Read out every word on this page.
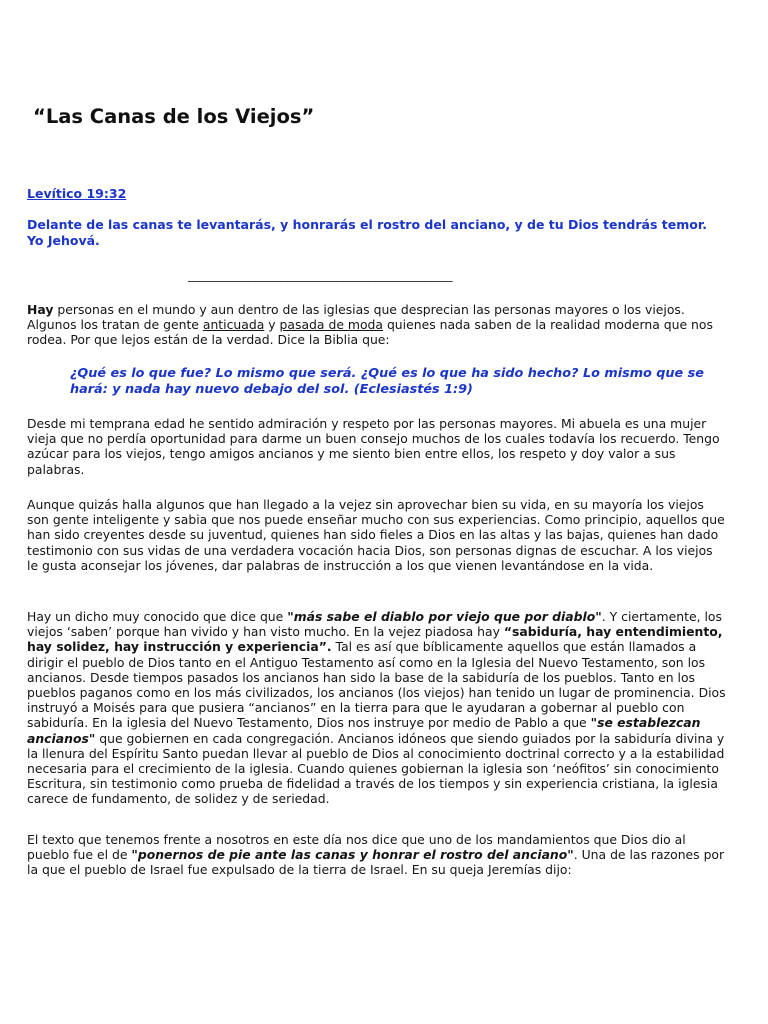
“Las Canas de los Viejos”
Levítico 19:32
Delante de las canas te levantarás, y honrarás el rostro del anciano, y de tu Dios tendrás temor. Yo Jehová.
________________________________________________

Hay personas en el mundo y aun dentro de las iglesias que desprecian las personas mayores o los viejos. Algunos los tratan de gente anticuada y pasada de moda quienes nada saben de la realidad moderna que nos rodea. Por que lejos están de la verdad. Dice la Biblia que:

¿Qué es lo que fue? Lo mismo que será. ¿Qué es lo que ha sido hecho? Lo mismo que se hará: y nada hay nuevo debajo del sol. (Eclesiastés 1:9)

Desde mi temprana edad he sentido admiración y respeto por las personas mayores. Mi abuela es una mujer vieja que no perdía oportunidad para darme un buen consejo muchos de los cuales todavía los recuerdo. Tengo azúcar para los viejos, tengo amigos ancianos y me siento bien entre ellos, los respeto y doy valor a sus palabras.

Aunque quizás halla algunos que han llegado a la vejez sin aprovechar bien su vida, en su mayoría los viejos son gente inteligente y sabia que nos puede enseñar mucho con sus experiencias. Como principio, aquellos que han sido creyentes desde su juventud, quienes han sido fieles a Dios en las altas y las bajas, quienes han dado testimonio con sus vidas de una verdadera vocación hacia Dios, son personas dignas de escuchar. A los viejos le gusta aconsejar los jóvenes, dar palabras de instrucción a los que vienen levantándose en la vida.

Hay un dicho muy conocido que dice que "más sabe el diablo por viejo que por diablo". Y ciertamente, los viejos ‘saben’ porque han vivido y han visto mucho. En la vejez piadosa hay “sabiduría, hay entendimiento, hay solidez, hay instrucción y experiencia”. Tal es así que bíblicamente aquellos que están llamados a dirigir el pueblo de Dios tanto en el Antiguo Testamento así como en la Iglesia del Nuevo Testamento, son los ancianos. Desde tiempos pasados los ancianos han sido la base de la sabiduría de los pueblos. Tanto en los pueblos paganos como en los más civilizados, los ancianos (los viejos) han tenido un lugar de prominencia. Dios instruyó a Moisés para que pusiera “ancianos” en la tierra para que le ayudaran a gobernar al pueblo con sabiduría. En la iglesia del Nuevo Testamento, Dios nos instruye por medio de Pablo a que "se establezcan ancianos" que gobiernen en cada congregación. Ancianos idóneos que siendo guiados por la sabiduría divina y la llenura del Espíritu Santo puedan llevar al pueblo de Dios al conocimiento doctrinal correcto y a la estabilidad necesaria para el crecimiento de la iglesia. Cuando quienes gobiernan la iglesia son ‘neófitos’ sin conocimiento Escritura, sin testimonio como prueba de fidelidad a través de los tiempos y sin experiencia cristiana, la iglesia carece de fundamento, de solidez y de seriedad.

El texto que tenemos frente a nosotros en este día nos dice que uno de los mandamientos que Dios dio al pueblo fue el de "ponernos de pie ante las canas y honrar el rostro del anciano". Una de las razones por la que el pueblo de Israel fue expulsado de la tierra de Israel. En su queja Jeremías dijo:
